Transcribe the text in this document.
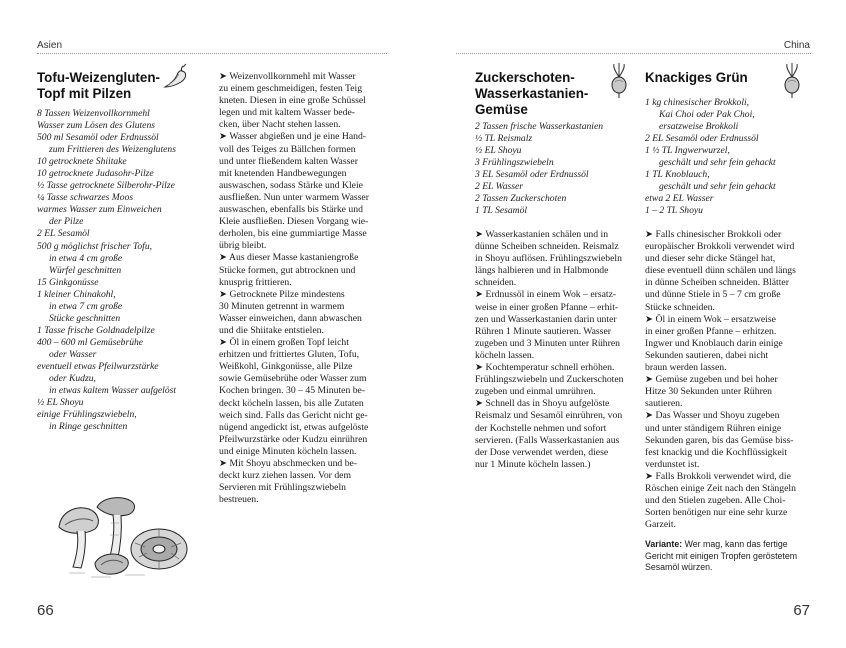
Asien
Tofu-Weizengluten-
Topf mit Pilzen
8 Tassen Weizenvollkornmehl
Wasser zum Lösen des Glutens
500 ml Sesamöl oder Erdnussöl
zum Frittieren des Weizenglutens
10 getrocknete Shiitake
10 getrocknete Judasohr-Pilze
½ Tasse getrocknete Silberohr-Pilze
¼ Tasse schwarzes Moos
warmes Wasser zum Einweichen
der Pilze
2 EL Sesamöl
500 g möglichst frischer Tofu,
in etwa 4 cm große
Würfel geschnitten
15 Ginkgonüsse
1 kleiner Chinakohl,
in etwa 7 cm große
Stücke geschnitten
1 Tasse frische Goldnadelpilze
400 – 600 ml Gemüsebrühe
oder Wasser
eventuell etwas Pfeilwurzstärke
oder Kudzu,
in etwas kaltem Wasser aufgelöst
½ EL Shoyu
einige Frühlingszwiebeln,
in Ringe geschnitten
➤ Weizenvollkornmehl mit Wasser
zu einem geschmeidigen, festen Teig
kneten. Diesen in eine große Schüssel
legen und mit kaltem Wasser bede-
cken, über Nacht stehen lassen.
➤ Wasser abgießen und je eine Hand-
voll des Teiges zu Bällchen formen
und unter fließendem kalten Wasser
mit knetenden Handbewegungen
auswaschen, sodass Stärke und Kleie
ausfließen. Nun unter warmem Wasser
auswaschen, ebenfalls bis Stärke und
Kleie ausfließen. Diesen Vorgang wie-
derholen, bis eine gummiartige Masse
übrig bleibt.
➤ Aus dieser Masse kastaniengroße
Stücke formen, gut abtrocknen und
knusprig frittieren.
➤ Getrocknete Pilze mindestens
30 Minuten getrennt in warmem
Wasser einweichen, dann abwaschen
und die Shiitake entstielen.
➤ Öl in einem großen Topf leicht
erhitzen und frittiertes Gluten, Tofu,
Weißkohl, Ginkgonüsse, alle Pilze
sowie Gemüsebrühe oder Wasser zum
Kochen bringen. 30 – 45 Minuten be-
deckt köcheln lassen, bis alle Zutaten
weich sind. Falls das Gericht nicht ge-
nügend angedickt ist, etwas aufgelöste
Pfeilwurzstärke oder Kudzu einrühren
und einige Minuten köcheln lassen.
➤ Mit Shoyu abschmecken und be-
deckt kurz ziehen lassen. Vor dem
Servieren mit Frühlingszwiebeln
bestreuen.
66
China
Zuckerschoten-
Wasserkastanien-
Gemüse
2 Tassen frische Wasserkastanien
½ TL Reismalz
½ EL Shoyu
3 Frühlingszwiebeln
3 EL Sesamöl oder Erdnussöl
2 EL Wasser
2 Tassen Zuckerschoten
1 TL Sesamöl
➤ Wasserkastanien schälen und in
dünne Scheiben schneiden. Reismalz
in Shoyu auflösen. Frühlingszwiebeln
längs halbieren und in Halbmonde
schneiden.
➤ Erdnussöl in einem Wok – ersatz-
weise in einer großen Pfanne – erhit-
zen und Wasserkastanien darin unter
Rühren 1 Minute sautieren. Wasser
zugeben und 3 Minuten unter Rühren
köcheln lassen.
➤ Kochtemperatur schnell erhöhen.
Frühlingszwiebeln und Zuckerschoten
zugeben und einmal umrühren.
➤ Schnell das in Shoyu aufgelöste
Reismalz und Sesamöl einrühren, von
der Kochstelle nehmen und sofort
servieren. (Falls Wasserkastanien aus
der Dose verwendet werden, diese
nur 1 Minute köcheln lassen.)
Knackiges Grün
1 kg chinesischer Brokkoli,
Kai Choi oder Pak Choi,
ersatzweise Brokkoli
2 EL Sesamöl oder Erdnussöl
1 ½ TL Ingwerwurzel,
geschält und sehr fein gehackt
1 TL Knoblauch,
geschält und sehr fein gehackt
etwa 2 EL Wasser
1 – 2 TL Shoyu
➤ Falls chinesischer Brokkoli oder
europäischer Brokkoli verwendet wird
und dieser sehr dicke Stängel hat,
diese eventuell dünn schälen und längs
in dünne Scheiben schneiden. Blätter
und dünne Stiele in 5 – 7 cm große
Stücke schneiden.
➤ Öl in einem Wok – ersatzweise
in einer großen Pfanne – erhitzen.
Ingwer und Knoblauch darin einige
Sekunden sautieren, dabei nicht
braun werden lassen.
➤ Gemüse zugeben und bei hoher
Hitze 30 Sekunden unter Rühren
sautieren.
➤ Das Wasser und Shoyu zugeben
und unter ständigem Rühren einige
Sekunden garen, bis das Gemüse biss-
fest knackig und die Kochflüssigkeit
verdunstet ist.
➤ Falls Brokkoli verwendet wird, die
Röschen einige Zeit nach den Stängeln
und den Stielen zugeben. Alle Choi-
Sorten benötigen nur eine sehr kurze
Garzeit.
Variante: Wer mag, kann das fertige
Gericht mit einigen Tropfen geröstetem
Sesamöl würzen.
67
